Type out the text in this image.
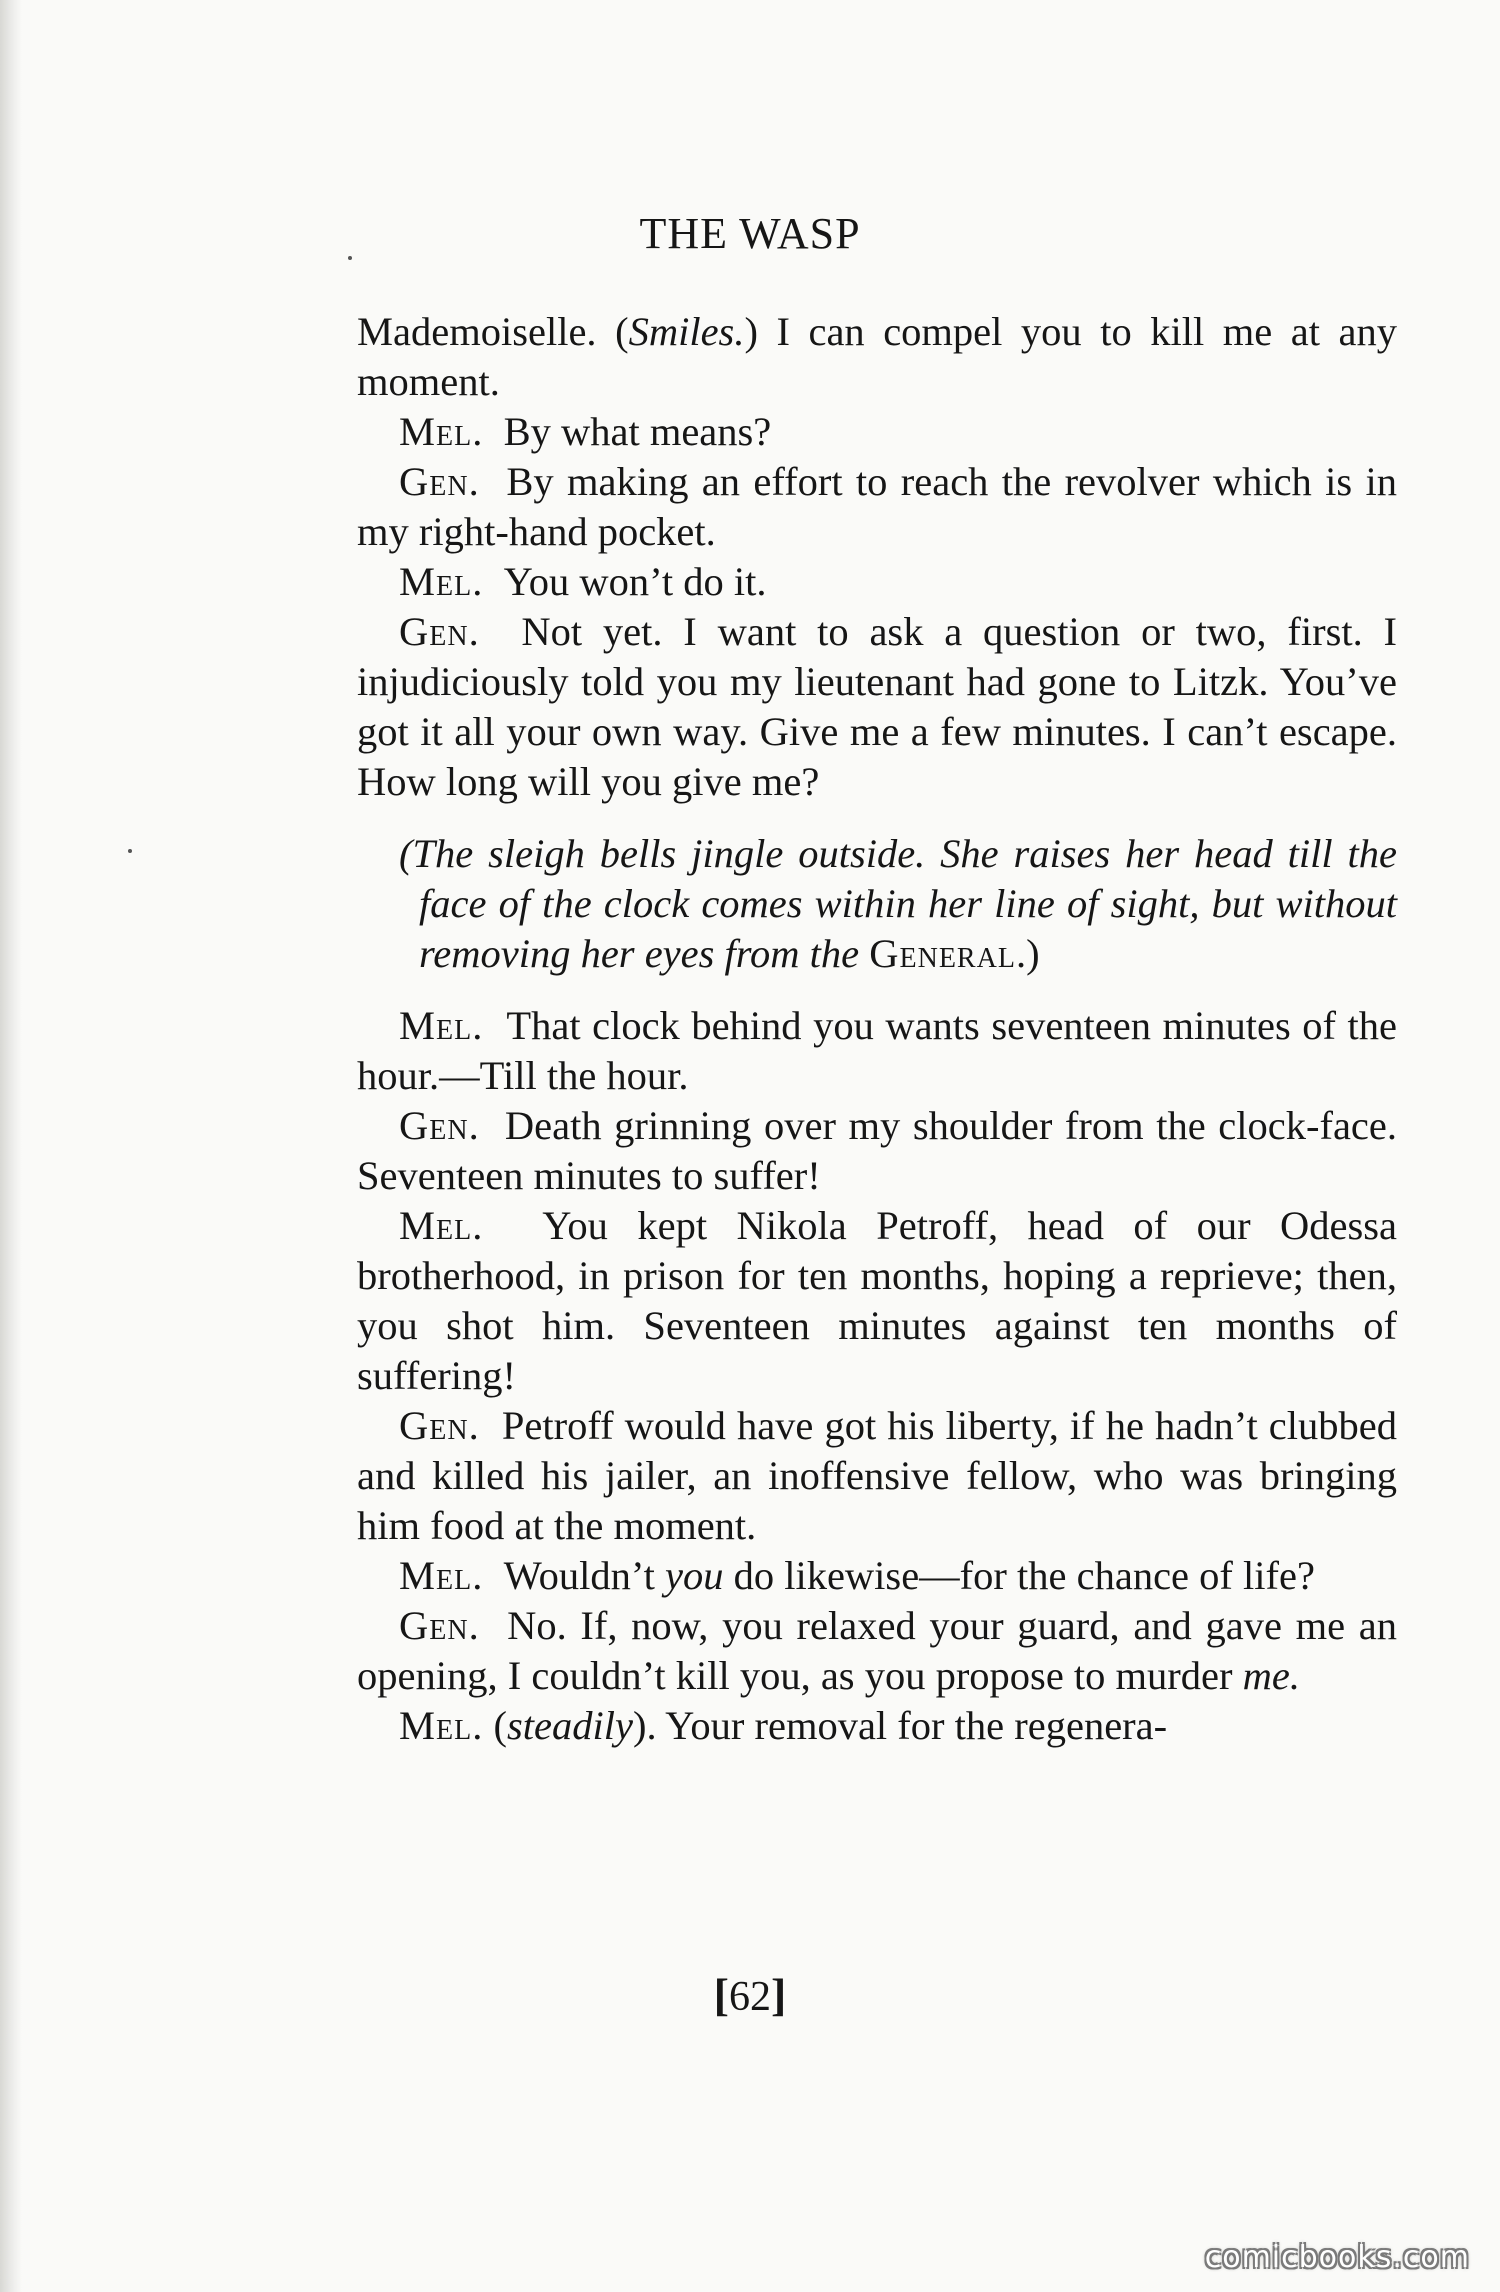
THE WASP

Mademoiselle. (Smiles.) I can compel you to kill me at any moment.

Mel. By what means?

Gen. By making an effort to reach the revolver which is in my right-hand pocket.

Mel. You won’t do it.

Gen. Not yet. I want to ask a question or two, first. I injudiciously told you my lieutenant had gone to Litzk. You’ve got it all your own way. Give me a few minutes. I can’t escape. How long will you give me?

(The sleigh bells jingle outside. She raises her head till the face of the clock comes within her line of sight, but without removing her eyes from the General.)

Mel. That clock behind you wants seventeen minutes of the hour.—Till the hour.

Gen. Death grinning over my shoulder from the clock-face. Seventeen minutes to suffer!

Mel. You kept Nikola Petroff, head of our Odessa brotherhood, in prison for ten months, hoping a reprieve; then, you shot him. Seventeen minutes against ten months of suffering!

Gen. Petroff would have got his liberty, if he hadn’t clubbed and killed his jailer, an inoffensive fellow, who was bringing him food at the moment.

Mel. Wouldn’t you do likewise—for the chance of life?

Gen. No. If, now, you relaxed your guard, and gave me an opening, I couldn’t kill you, as you propose to murder me.

Mel. (steadily). Your removal for the regenera-

[62]
comicbooks.com
